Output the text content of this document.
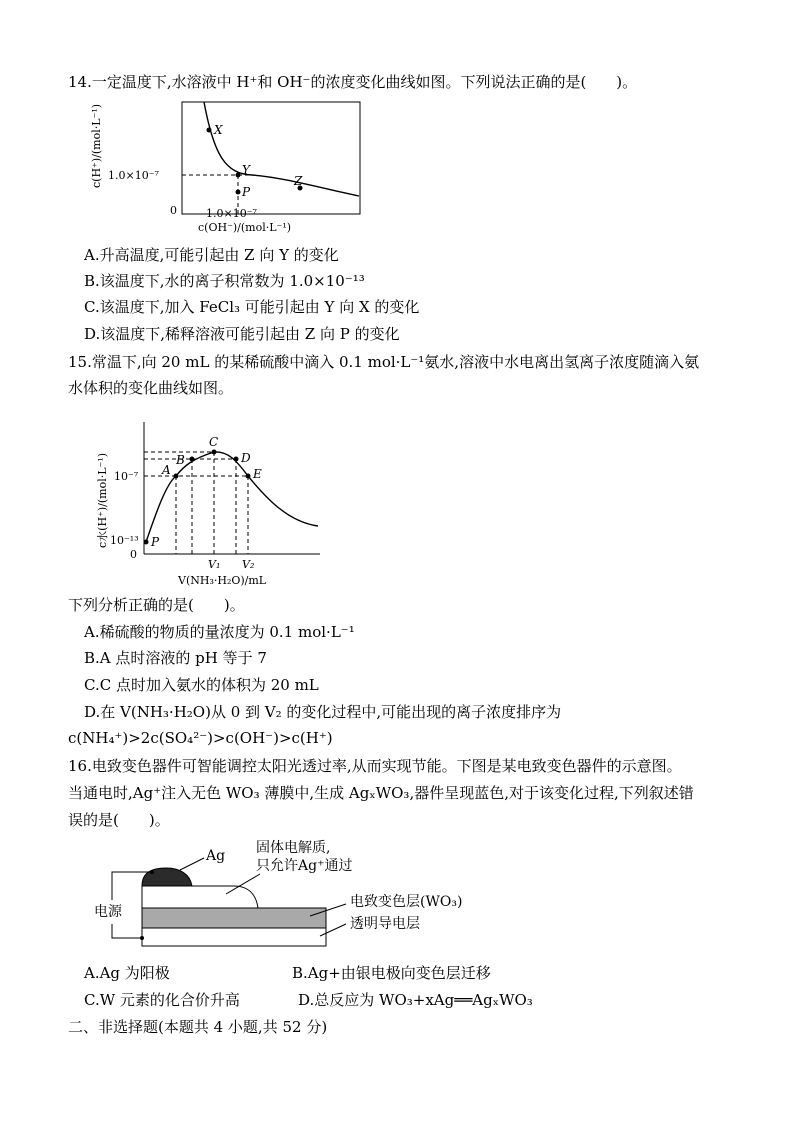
14.一定温度下,水溶液中 H⁺和 OH⁻的浓度变化曲线如图。下列说法正确的是(　　)。
X
Y
P
Z
c(H⁺)/(mol·L⁻¹) 1.0×10⁻⁷
0	1.0×10⁻⁷
c(OH⁻)/(mol·L⁻¹)
A.升高温度,可能引起由 Z 向 Y 的变化
B.该温度下,水的离子积常数为 1.0×10⁻¹³
C.该温度下,加入 FeCl₃ 可能引起由 Y 向 X 的变化
D.该温度下,稀释溶液可能引起由 Z 向 P 的变化
15.常温下,向 20 mL 的某稀硫酸中滴入 0.1 mol·L⁻¹氨水,溶液中水电离出氢离子浓度随滴入氨
水体积的变化曲线如图。
P
A
B
C
D
E
c水(H⁺)/(mol·L⁻¹) 10⁻⁷
10⁻¹³
0
V₁ V₂
V(NH₃·H₂O)/mL
下列分析正确的是(　　)。
A.稀硫酸的物质的量浓度为 0.1 mol·L⁻¹
B.A 点时溶液的 pH 等于 7
C.C 点时加入氨水的体积为 20 mL
D.在 V(NH₃·H₂O)从 0 到 V₂ 的变化过程中,可能出现的离子浓度排序为
c(NH₄⁺)>2c(SO₄²⁻)>c(OH⁻)>c(H⁺)
16.电致变色器件可智能调控太阳光透过率,从而实现节能。下图是某电致变色器件的示意图。
当通电时,Ag⁺注入无色 WO₃ 薄膜中,生成 AgₓWO₃,器件呈现蓝色,对于该变化过程,下列叙述错
误的是(　　)。
电源
Ag 固体电解质,
只允许Ag⁺通过
电致变色层(WO₃)
透明导电层
A.Ag 为阳极	B.Ag+由银电极向变色层迁移
C.W 元素的化合价升高	D.总反应为 WO₃+xAg══AgₓWO₃
二、非选择题(本题共 4 小题,共 52 分)
